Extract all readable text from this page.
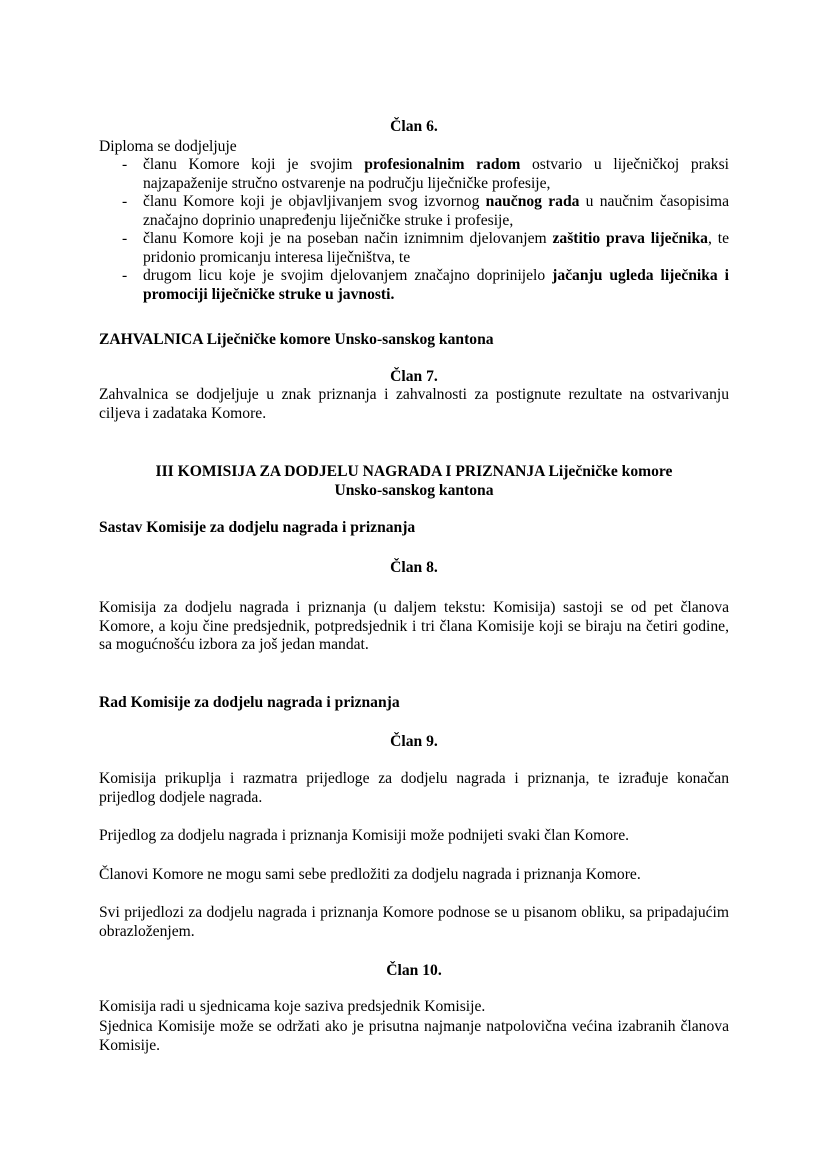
Član 6.

Diploma se dodjeljuje

- članu Komore koji je svojim profesionalnim radom ostvario u liječničkoj praksi najzapaženije stručno ostvarenje na području liječničke profesije,
- članu Komore koji je objavljivanjem svog izvornog naučnog rada u naučnim časopisima značajno doprinio unapređenju liječničke struke i profesije,
- članu Komore koji je na poseban način iznimnim djelovanjem zaštitio prava liječnika, te pridonio promicanju interesa liječništva, te
- drugom licu koje je svojim djelovanjem značajno doprinijelo jačanju ugleda liječnika i promociji liječničke struke u javnosti.

ZAHVALNICA Liječničke komore Unsko-sanskog kantona

Član 7.

Zahvalnica se dodjeljuje u znak priznanja i zahvalnosti za postignute rezultate na ostvarivanju ciljeva i zadataka Komore.

III KOMISIJA ZA DODJELU NAGRADA I PRIZNANJA Liječničke komore

Unsko-sanskog kantona

Sastav Komisije za dodjelu nagrada i priznanja

Član 8.

Komisija za dodjelu nagrada i priznanja (u daljem tekstu: Komisija) sastoji se od pet članova Komore, a koju čine predsjednik, potpredsjednik i tri člana Komisije koji se biraju na četiri godine, sa mogućnošću izbora za još jedan mandat.

Rad Komisije za dodjelu nagrada i priznanja

Član 9.

Komisija prikuplja i razmatra prijedloge za dodjelu nagrada i priznanja, te izrađuje konačan prijedlog dodjele nagrada.

Prijedlog za dodjelu nagrada i priznanja Komisiji može podnijeti svaki član Komore.

Članovi Komore ne mogu sami sebe predložiti za dodjelu nagrada i priznanja Komore.

Svi prijedlozi za dodjelu nagrada i priznanja Komore podnose se u pisanom obliku, sa pripadajućim obrazloženjem.

Član 10.

Komisija radi u sjednicama koje saziva predsjednik Komisije.

Sjednica Komisije može se održati ako je prisutna najmanje natpolovična većina izabranih članova Komisije.
